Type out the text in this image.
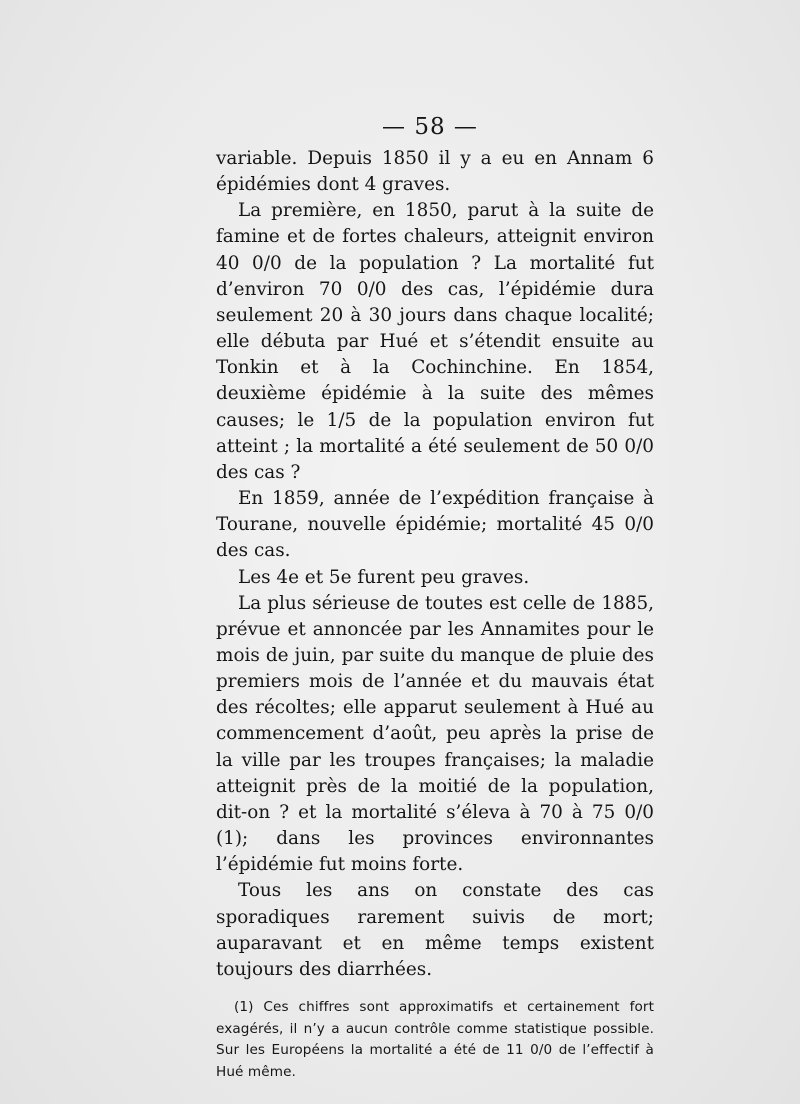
— 58 —

variable. Depuis 1850 il y a eu en Annam 6 épidémies dont 4 graves.

La première, en 1850, parut à la suite de famine et de fortes chaleurs, atteignit environ 40 0/0 de la population ? La mortalité fut d’environ 70 0/0 des cas, l’épidémie dura seulement 20 à 30 jours dans chaque localité; elle débuta par Hué et s’étendit ensuite au Tonkin et à la Cochinchine. En 1854, deuxième épidémie à la suite des mêmes causes; le 1/5 de la population environ fut atteint ; la mortalité a été seulement de 50 0/0 des cas ?

En 1859, année de l’expédition française à Tourane, nouvelle épidémie; mortalité 45 0/0 des cas.

Les 4e et 5e furent peu graves.

La plus sérieuse de toutes est celle de 1885, prévue et annoncée par les Annamites pour le mois de juin, par suite du manque de pluie des premiers mois de l’année et du mauvais état des récoltes; elle apparut seulement à Hué au commencement d’août, peu après la prise de la ville par les troupes françaises; la maladie atteignit près de la moitié de la population, dit-on ? et la mortalité s’éleva à 70 à 75 0/0 (1); dans les provinces environnantes l’épidémie fut moins forte.

Tous les ans on constate des cas sporadiques rarement suivis de mort; auparavant et en même temps existent toujours des diarrhées.

(1) Ces chiffres sont approximatifs et certainement fort exagérés, il n’y a aucun contrôle comme statistique possible. Sur les Européens la mortalité a été de 11 0/0 de l’effectif à Hué même.
